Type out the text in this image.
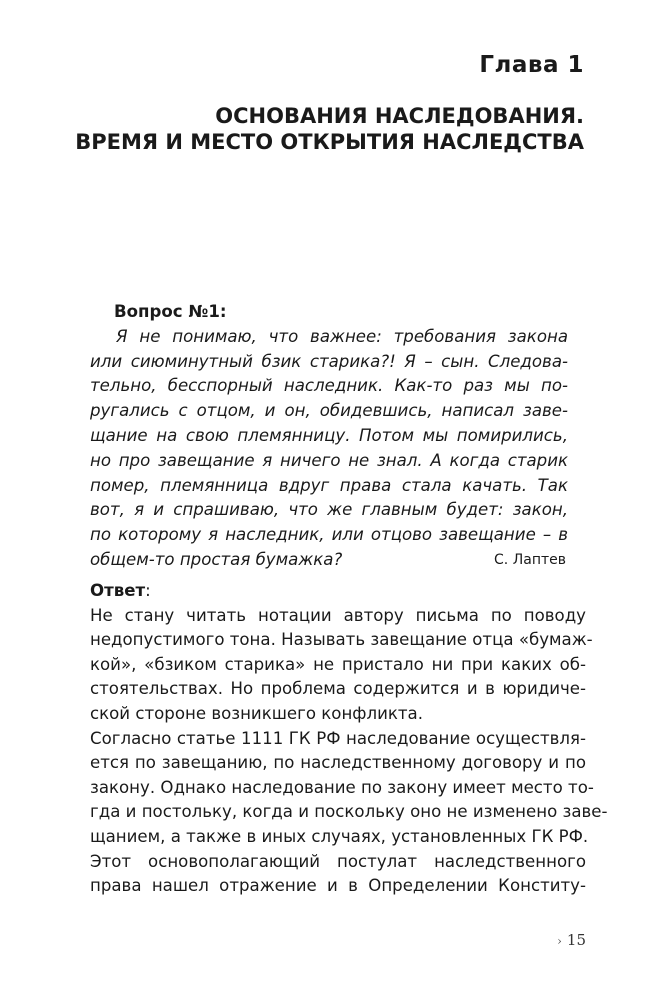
Глава 1
ОСНОВАНИЯ НАСЛЕДОВАНИЯ.
ВРЕМЯ И МЕСТО ОТКРЫТИЯ НАСЛЕДСТВА
Вопрос №1:
Я не понимаю, что важнее: требования закона
или сиюминутный бзик старика?! Я – сын. Следова-
тельно, бесспорный наследник. Как-то раз мы по-
ругались с отцом, и он, обидевшись, написал заве-
щание на свою племянницу. Потом мы помирились,
но про завещание я ничего не знал. А когда старик
помер, племянница вдруг права стала качать. Так
вот, я и спрашиваю, что же главным будет: закон,
по которому я наследник, или отцово завещание – в
общем-то простая бумажка?	С. Лаптев
Ответ:
Не стану читать нотации автору письма по поводу
недопустимого тона. Называть завещание отца «бумаж-
кой», «бзиком старика» не пристало ни при каких об-
стоятельствах. Но проблема содержится и в юридиче-
ской стороне возникшего конфликта.
Согласно статье 1111 ГК РФ наследование осуществля-
ется по завещанию, по наследственному договору и по
закону. Однако наследование по закону имеет место то-
гда и постольку, когда и поскольку оно не изменено заве-
щанием, а также в иных случаях, установленных ГК РФ.
Этот основополагающий постулат наследственного
права нашел отражение и в Определении Конститу-
› 15
